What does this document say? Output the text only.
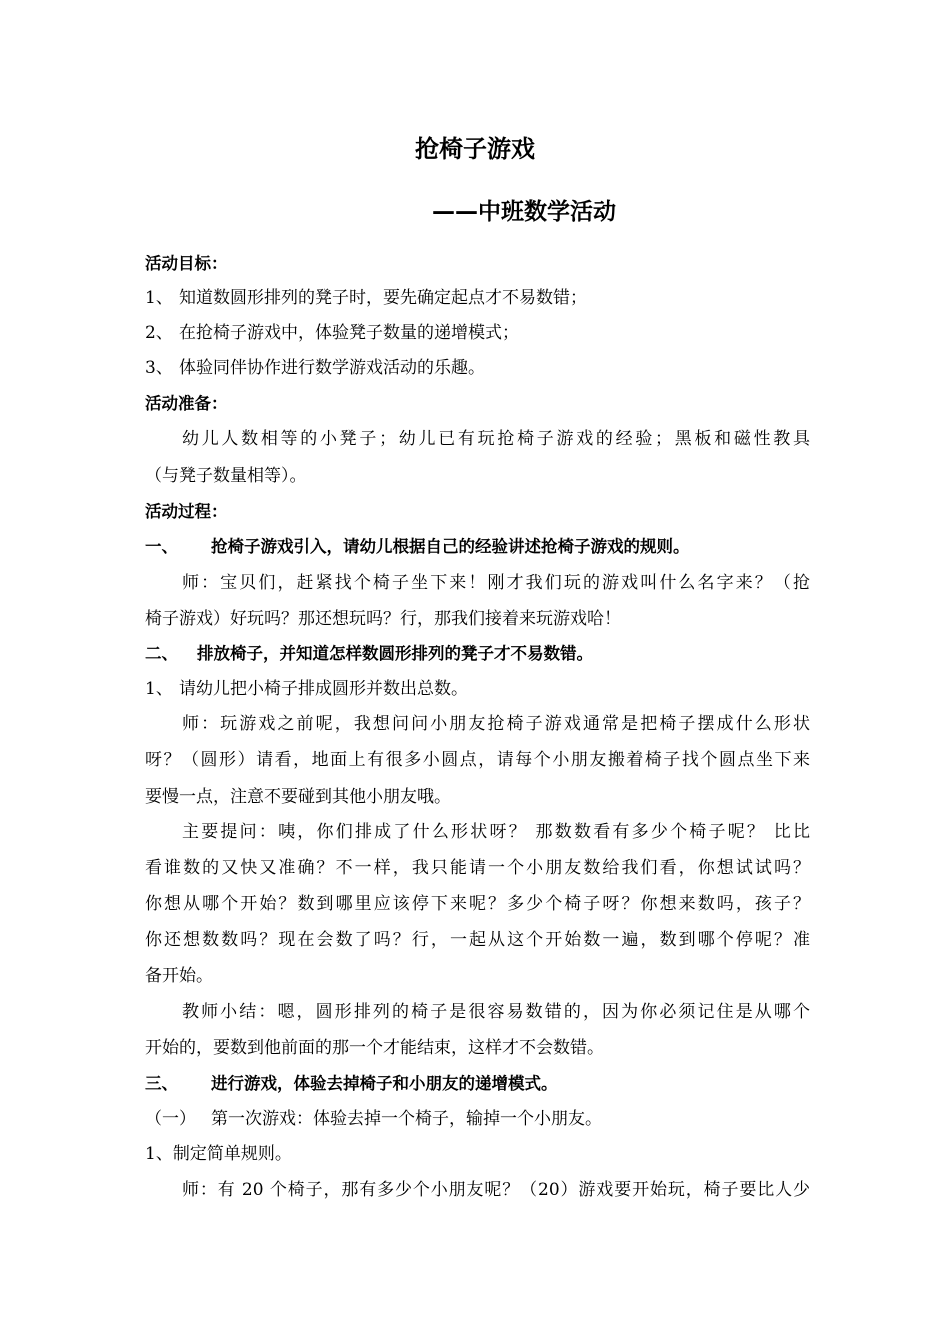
抢椅子游戏
——中班数学活动
活动目标：
1、 知道数圆形排列的凳子时，要先确定起点才不易数错；
2、 在抢椅子游戏中，体验凳子数量的递增模式；
3、 体验同伴协作进行数学游戏活动的乐趣。
活动准备：
幼儿人数相等的小凳子；幼儿已有玩抢椅子游戏的经验；黑板和磁性教具
（与凳子数量相等）。
活动过程：
一、 抢椅子游戏引入，请幼儿根据自己的经验讲述抢椅子游戏的规则。
师：宝贝们，赶紧找个椅子坐下来！刚才我们玩的游戏叫什么名字来？（抢
椅子游戏）好玩吗？那还想玩吗？行，那我们接着来玩游戏哈！
二、 排放椅子，并知道怎样数圆形排列的凳子才不易数错。
1、 请幼儿把小椅子排成圆形并数出总数。
师：玩游戏之前呢，我想问问小朋友抢椅子游戏通常是把椅子摆成什么形状
呀？（圆形）请看，地面上有很多小圆点，请每个小朋友搬着椅子找个圆点坐下来
要慢一点，注意不要碰到其他小朋友哦。
主要提问：咦，你们排成了什么形状呀？ 那数数看有多少个椅子呢？ 比比
看谁数的又快又准确？不一样，我只能请一个小朋友数给我们看，你想试试吗？
你想从哪个开始？数到哪里应该停下来呢？多少个椅子呀？你想来数吗，孩子？
你还想数数吗？现在会数了吗？行，一起从这个开始数一遍，数到哪个停呢？准
备开始。
教师小结：嗯，圆形排列的椅子是很容易数错的，因为你必须记住是从哪个
开始的，要数到他前面的那一个才能结束，这样才不会数错。
三、 进行游戏，体验去掉椅子和小朋友的递增模式。
（一） 第一次游戏：体验去掉一个椅子，输掉一个小朋友。
1、制定简单规则。
师：有 20 个椅子，那有多少个小朋友呢？（20）游戏要开始玩，椅子要比人少
